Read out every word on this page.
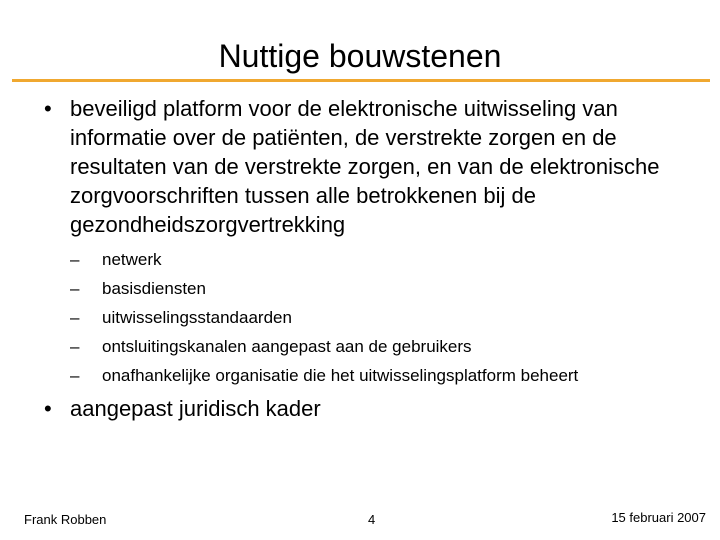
Nuttige bouwstenen
• beveiligd platform voor de elektronische uitwisseling van informatie over de patiënten, de verstrekte zorgen en de resultaten van de verstrekte zorgen, en van de elektronische zorgvoorschriften tussen alle betrokkenen bij de gezondheidszorgvertrekking
– netwerk
– basisdiensten
– uitwisselingsstandaarden
– ontsluitingskanalen aangepast aan de gebruikers
– onafhankelijke organisatie die het uitwisselingsplatform beheert
• aangepast juridisch kader
Frank Robben	4	15 februari 2007
